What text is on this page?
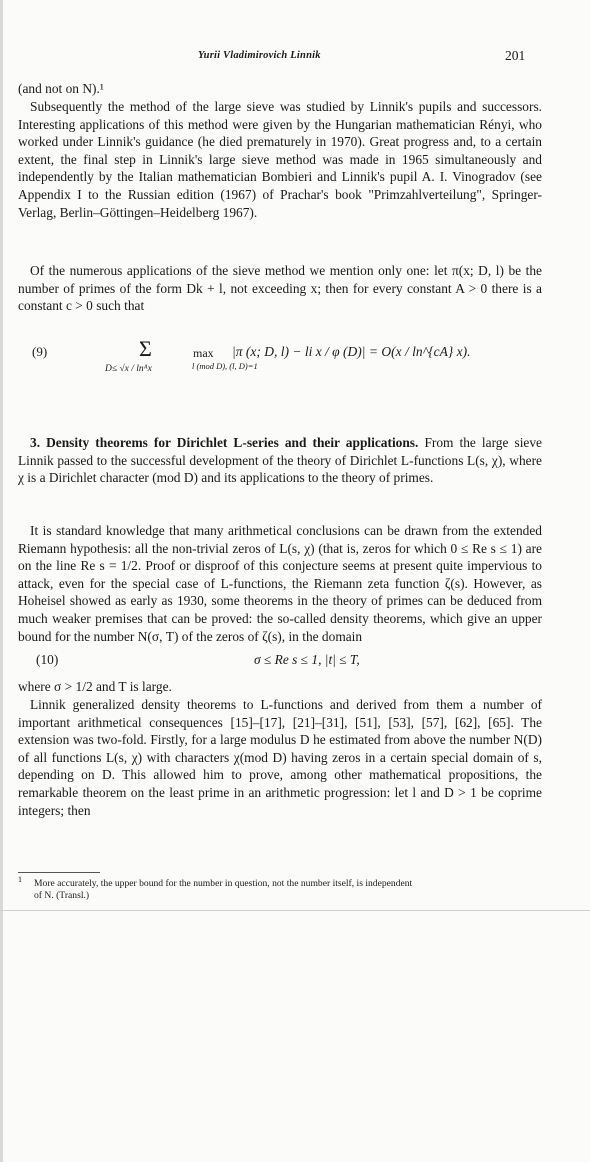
Yurii Vladimirovich Linnik	201
(and not on N).¹
Subsequently the method of the large sieve was studied by Linnik's pupils and successors. Interesting applications of this method were given by the Hungarian mathematician Rényi, who worked under Linnik's guidance (he died prematurely in 1970). Great progress and, to a certain extent, the final step in Linnik's large sieve method was made in 1965 simultaneously and independently by the Italian mathematician Bombieri and Linnik's pupil A. I. Vinogradov (see Appendix I to the Russian edition (1967) of Prachar's book "Primzahlverteilung", Springer-Verlag, Berlin–Göttingen–Heidelberg 1967).
Of the numerous applications of the sieve method we mention only one: let π(x; D, l) be the number of primes of the form Dk + l, not exceeding x; then for every constant A > 0 there is a constant c > 0 such that
(9)	Σ
D≤ √x / lnᴬx
max
l (mod D), (l, D)=1
|π (x; D, l) − li x / φ (D)| = O(x / ln^{cA} x).
3. Density theorems for Dirichlet L-series and their applications. From the large sieve Linnik passed to the successful development of the theory of Dirichlet L-functions L(s, χ), where χ is a Dirichlet character (mod D) and its applications to the theory of primes.
It is standard knowledge that many arithmetical conclusions can be drawn from the extended Riemann hypothesis: all the non-trivial zeros of L(s, χ) (that is, zeros for which 0 ≤ Re s ≤ 1) are on the line Re s = 1/2. Proof or disproof of this conjecture seems at present quite impervious to attack, even for the special case of L-functions, the Riemann zeta function ζ(s). However, as Hoheisel showed as early as 1930, some theorems in the theory of primes can be deduced from much weaker premises that can be proved: the so-called density theorems, which give an upper bound for the number N(σ, T) of the zeros of ζ(s), in the domain
(10)	σ ≤ Re s ≤ 1, |t| ≤ T,
where σ > 1/2 and T is large.
Linnik generalized density theorems to L-functions and derived from them a number of important arithmetical consequences [15]–[17], [21]–[31], [51], [53], [57], [62], [65]. The extension was two-fold. Firstly, for a large modulus D he estimated from above the number N(D) of all functions L(s, χ) with characters χ(mod D) having zeros in a certain special domain of s, depending on D. This allowed him to prove, among other mathematical propositions, the remarkable theorem on the least prime in an arithmetic progression: let l and D > 1 be coprime integers; then
1 More accurately, the upper bound for the number in question, not the number itself, is independent
of N. (Transl.)
